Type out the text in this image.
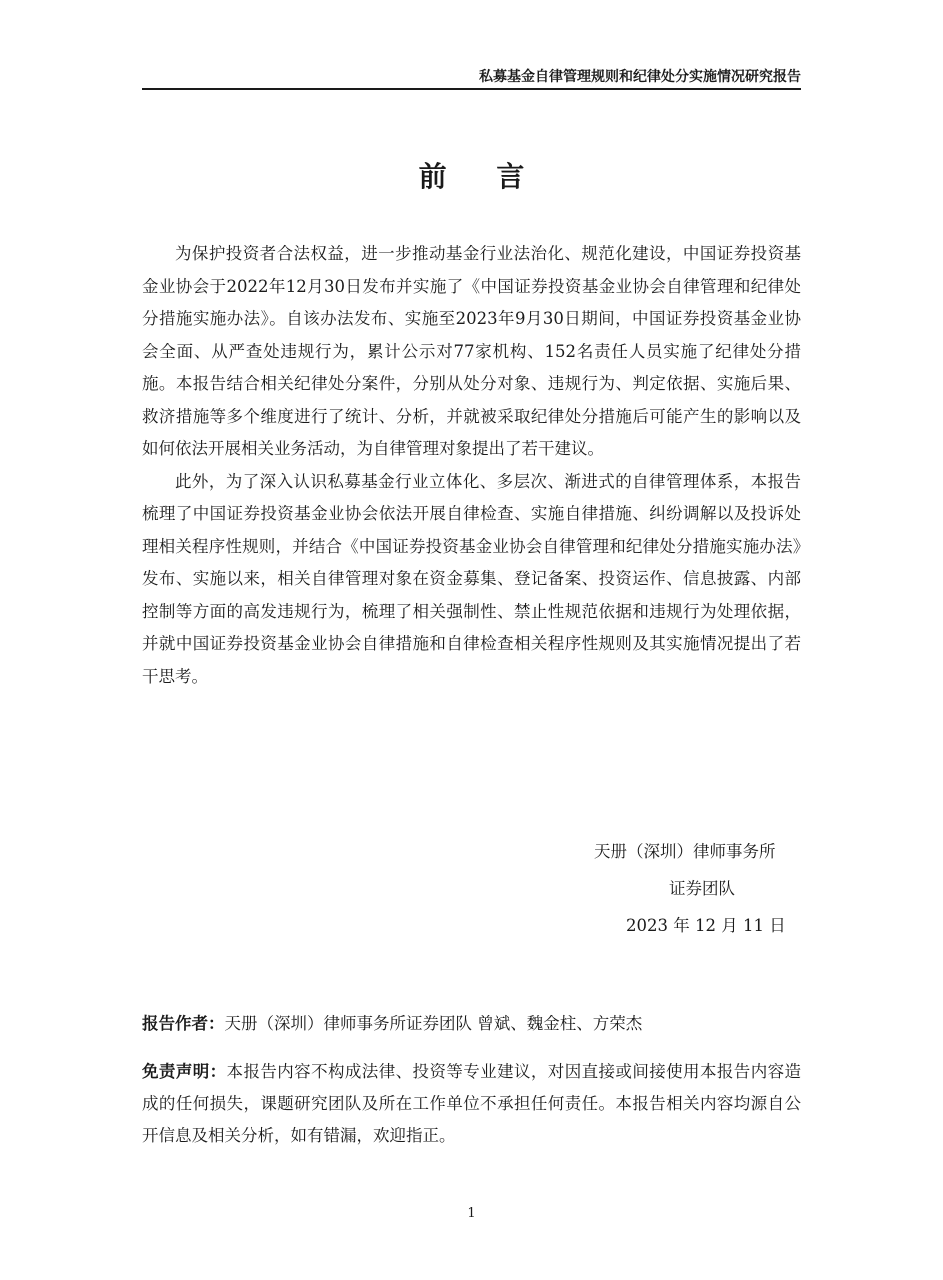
私募基金自律管理规则和纪律处分实施情况研究报告
前 言

为保护投资者合法权益，进一步推动基金行业法治化、规范化建设，中国证券投资基金业协会于2022年12月30日发布并实施了《中国证券投资基金业协会自律管理和纪律处分措施实施办法》。自该办法发布、实施至2023年9月30日期间，中国证券投资基金业协会全面、从严查处违规行为，累计公示对77家机构、152名责任人员实施了纪律处分措施。本报告结合相关纪律处分案件，分别从处分对象、违规行为、判定依据、实施后果、救济措施等多个维度进行了统计、分析，并就被采取纪律处分措施后可能产生的影响以及如何依法开展相关业务活动，为自律管理对象提出了若干建议。

此外，为了深入认识私募基金行业立体化、多层次、渐进式的自律管理体系，本报告梳理了中国证券投资基金业协会依法开展自律检查、实施自律措施、纠纷调解以及投诉处理相关程序性规则，并结合《中国证券投资基金业协会自律管理和纪律处分措施实施办法》发布、实施以来，相关自律管理对象在资金募集、登记备案、投资运作、信息披露、内部控制等方面的高发违规行为，梳理了相关强制性、禁止性规范依据和违规行为处理依据，并就中国证券投资基金业协会自律措施和自律检查相关程序性规则及其实施情况提出了若干思考。

天册（深圳）律师事务所
证券团队
2023 年 12 月 11 日

报告作者：天册（深圳）律师事务所证券团队 曾斌、魏金柱、方荣杰

免责声明：本报告内容不构成法律、投资等专业建议，对因直接或间接使用本报告内容造成的任何损失，课题研究团队及所在工作单位不承担任何责任。本报告相关内容均源自公开信息及相关分析，如有错漏，欢迎指正。

1
